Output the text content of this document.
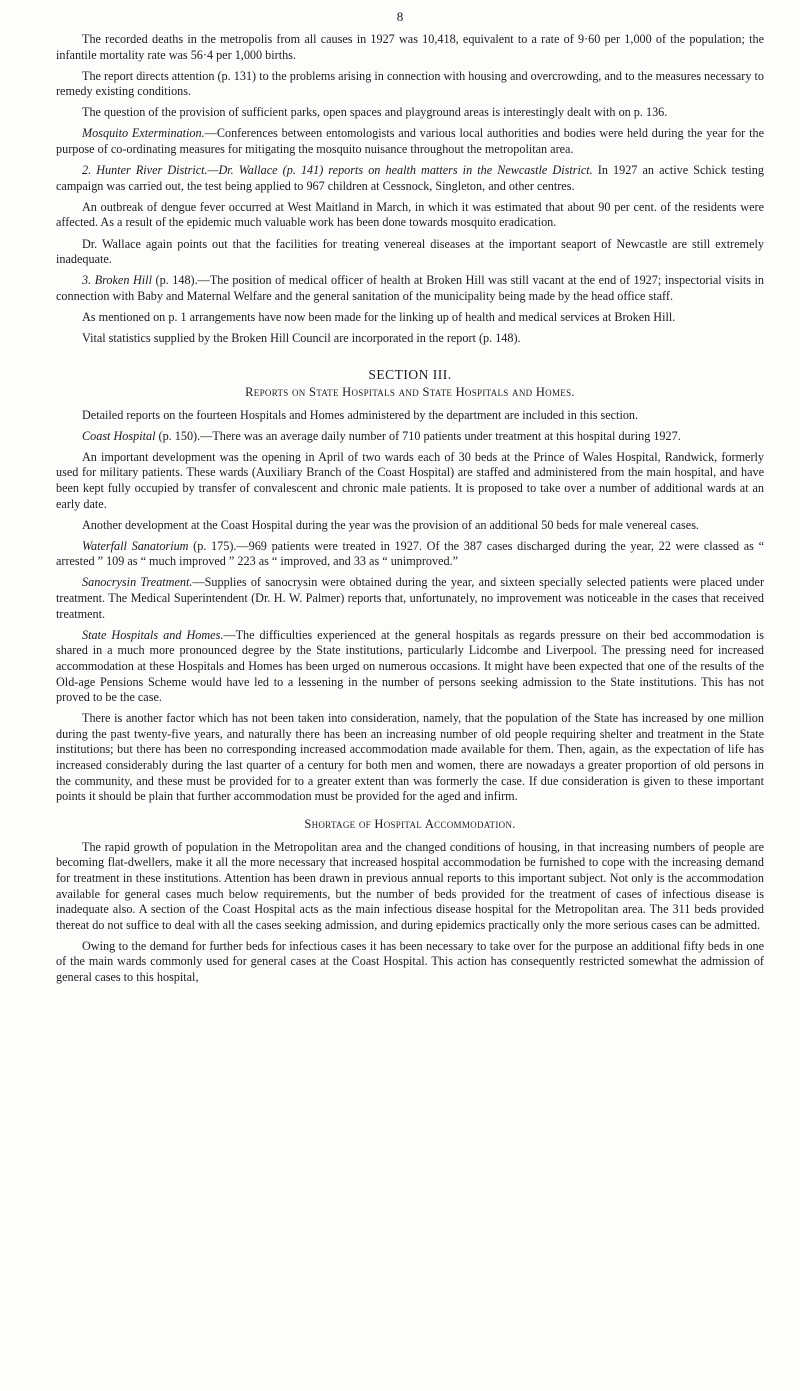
8

The recorded deaths in the metropolis from all causes in 1927 was 10,418, equivalent to a rate of 9·60 per 1,000 of the population; the infantile mortality rate was 56·4 per 1,000 births.

The report directs attention (p. 131) to the problems arising in connection with housing and overcrowding, and to the measures necessary to remedy existing conditions.

The question of the provision of sufficient parks, open spaces and playground areas is interestingly dealt with on p. 136.

Mosquito Extermination.—Conferences between entomologists and various local authorities and bodies were held during the year for the purpose of co-ordinating measures for mitigating the mosquito nuisance throughout the metropolitan area.

2. Hunter River District.—Dr. Wallace (p. 141) reports on health matters in the Newcastle District. In 1927 an active Schick testing campaign was carried out, the test being applied to 967 children at Cessnock, Singleton, and other centres.

An outbreak of dengue fever occurred at West Maitland in March, in which it was estimated that about 90 per cent. of the residents were affected. As a result of the epidemic much valuable work has been done towards mosquito eradication.

Dr. Wallace again points out that the facilities for treating venereal diseases at the important seaport of Newcastle are still extremely inadequate.

3. Broken Hill (p. 148).—The position of medical officer of health at Broken Hill was still vacant at the end of 1927; inspectorial visits in connection with Baby and Maternal Welfare and the general sanitation of the municipality being made by the head office staff.

As mentioned on p. 1 arrangements have now been made for the linking up of health and medical services at Broken Hill.

Vital statistics supplied by the Broken Hill Council are incorporated in the report (p. 148).

SECTION III.
Reports on State Hospitals and State Hospitals and Homes.

Detailed reports on the fourteen Hospitals and Homes administered by the department are included in this section.

Coast Hospital (p. 150).—There was an average daily number of 710 patients under treatment at this hospital during 1927.

An important development was the opening in April of two wards each of 30 beds at the Prince of Wales Hospital, Randwick, formerly used for military patients. These wards (Auxiliary Branch of the Coast Hospital) are staffed and administered from the main hospital, and have been kept fully occupied by transfer of convalescent and chronic male patients. It is proposed to take over a number of additional wards at an early date.

Another development at the Coast Hospital during the year was the provision of an additional 50 beds for male venereal cases.

Waterfall Sanatorium (p. 175).—969 patients were treated in 1927. Of the 387 cases discharged during the year, 22 were classed as “ arrested ” 109 as “ much improved ” 223 as “ improved, and 33 as “ unimproved.”

Sanocrysin Treatment.—Supplies of sanocrysin were obtained during the year, and sixteen specially selected patients were placed under treatment. The Medical Superintendent (Dr. H. W. Palmer) reports that, unfortunately, no improvement was noticeable in the cases that received treatment.

State Hospitals and Homes.—The difficulties experienced at the general hospitals as regards pressure on their bed accommodation is shared in a much more pronounced degree by the State institutions, particularly Lidcombe and Liverpool. The pressing need for increased accommodation at these Hospitals and Homes has been urged on numerous occasions. It might have been expected that one of the results of the Old-age Pensions Scheme would have led to a lessening in the number of persons seeking admission to the State institutions. This has not proved to be the case.

There is another factor which has not been taken into consideration, namely, that the population of the State has increased by one million during the past twenty-five years, and naturally there has been an increasing number of old people requiring shelter and treatment in the State institutions; but there has been no corresponding increased accommodation made available for them. Then, again, as the expectation of life has increased considerably during the last quarter of a century for both men and women, there are nowadays a greater proportion of old persons in the community, and these must be provided for to a greater extent than was formerly the case. If due consideration is given to these important points it should be plain that further accommodation must be provided for the aged and infirm.

Shortage of Hospital Accommodation.

The rapid growth of population in the Metropolitan area and the changed conditions of housing, in that increasing numbers of people are becoming flat-dwellers, make it all the more necessary that increased hospital accommodation be furnished to cope with the increasing demand for treatment in these institutions. Attention has been drawn in previous annual reports to this important subject. Not only is the accommodation available for general cases much below requirements, but the number of beds provided for the treatment of cases of infectious disease is inadequate also. A section of the Coast Hospital acts as the main infectious disease hospital for the Metropolitan area. The 311 beds provided thereat do not suffice to deal with all the cases seeking admission, and during epidemics practically only the more serious cases can be admitted.

Owing to the demand for further beds for infectious cases it has been necessary to take over for the purpose an additional fifty beds in one of the main wards commonly used for general cases at the Coast Hospital. This action has consequently restricted somewhat the admission of general cases to this hospital,
